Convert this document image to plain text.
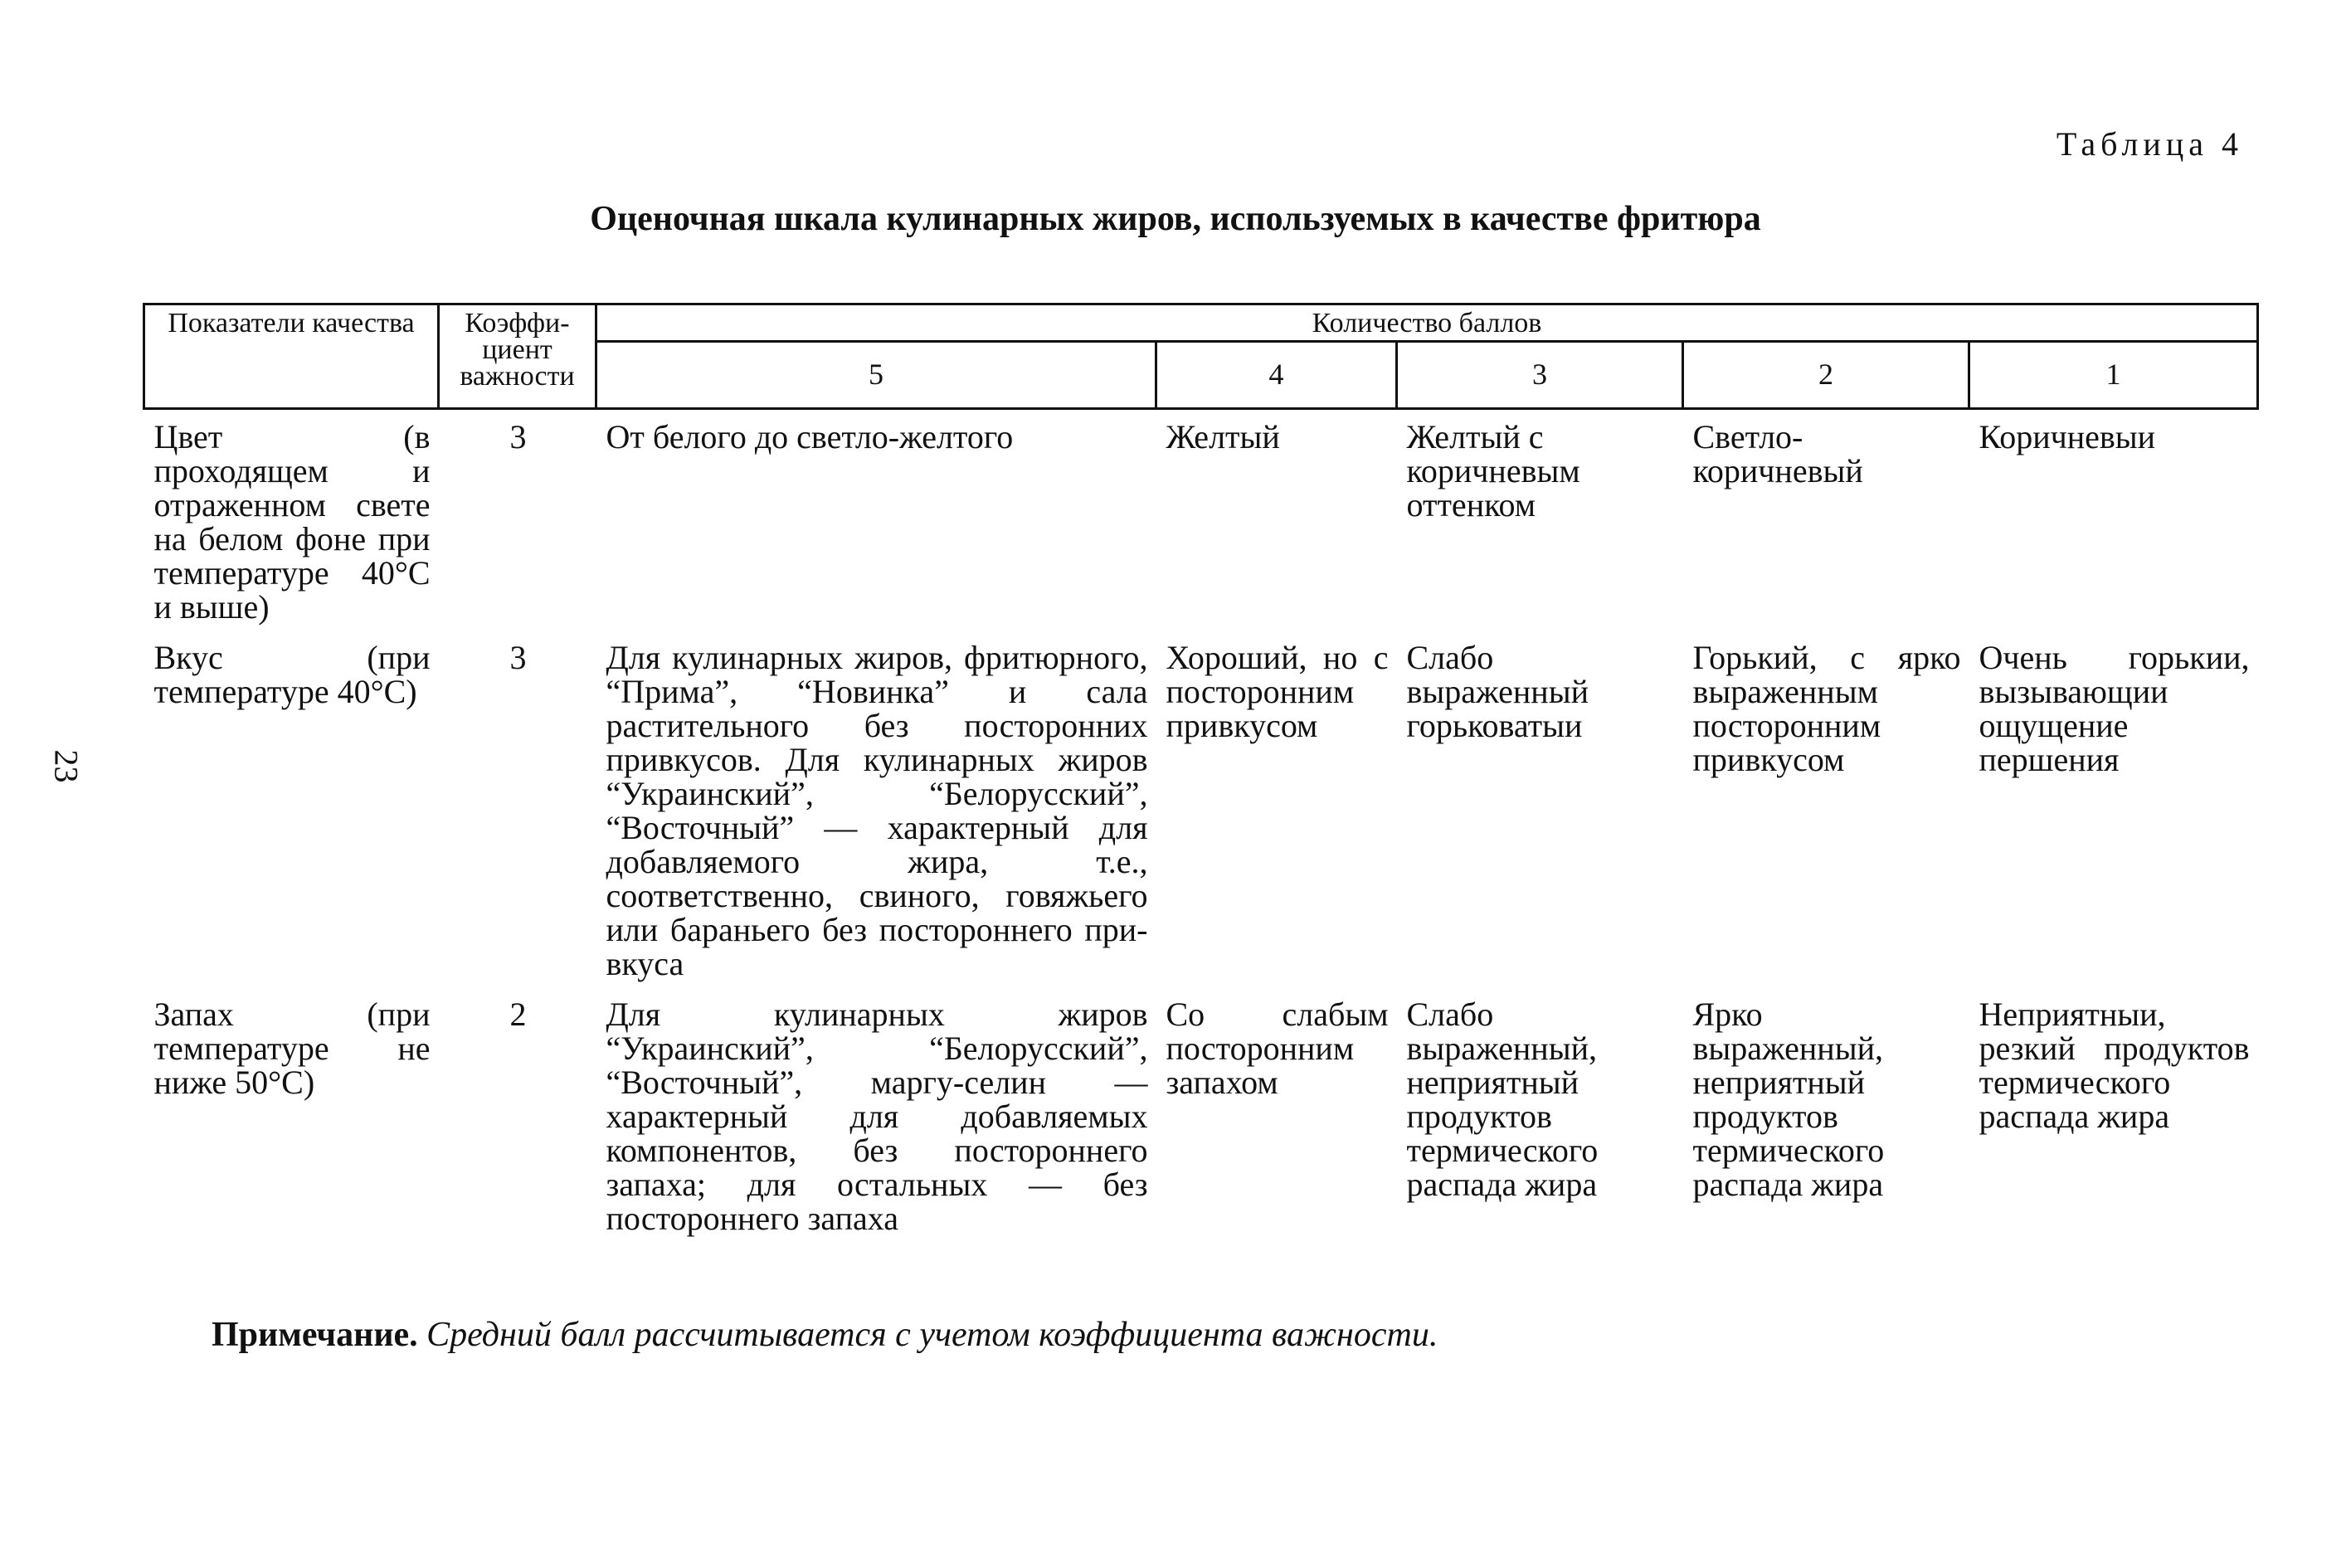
Таблица 4
Оценочная шкала кулинарных жиров, используемых в качестве фритюра
23
Показатели качества	Коэффи-циент важности	Количество баллов				
		5	4	3	2	1
Цвет (в проходящем и отраженном свете на белом фоне при температуре 40°С и выше)	3	От белого до светло-желтого	Желтый	Желтый с коричневым оттенком	Светло-коричневый	Коричневыи
Вкус (при температуре 40°С)	3	Для кулинарных жиров, фритюрного, “Прима”, “Новинка” и сала растительного без посторонних привкусов. Для кулинарных жиров “Украинский”, “Белорусский”, “Восточный” — характерный для добавляемого жира, т.е., соответственно, свиного, говяжьего или бараньего без постороннего при-вкуса	Хороший, но с посторонним привкусом	Слабо выраженный горьковатыи	Горький, с ярко выраженным посторонним привкусом	Очень горькии, вызывающии ощущение першения
Запах (при температуре не ниже 50°С)	2	Для кулинарных жиров “Украинский”, “Белорусский”, “Восточный”, маргу-селин — характерный для добавляемых компонентов, без постороннего запаха; для остальных — без постороннего запаха	Со слабым посторонним запахом	Слабо выраженный, неприятный продуктов термического распада жира	Ярко выраженный, неприятный продуктов термического распада жира	Неприятныи, резкий продуктов термического распада жира
Примечание. Средний балл рассчитывается с учетом коэффициента важности.
